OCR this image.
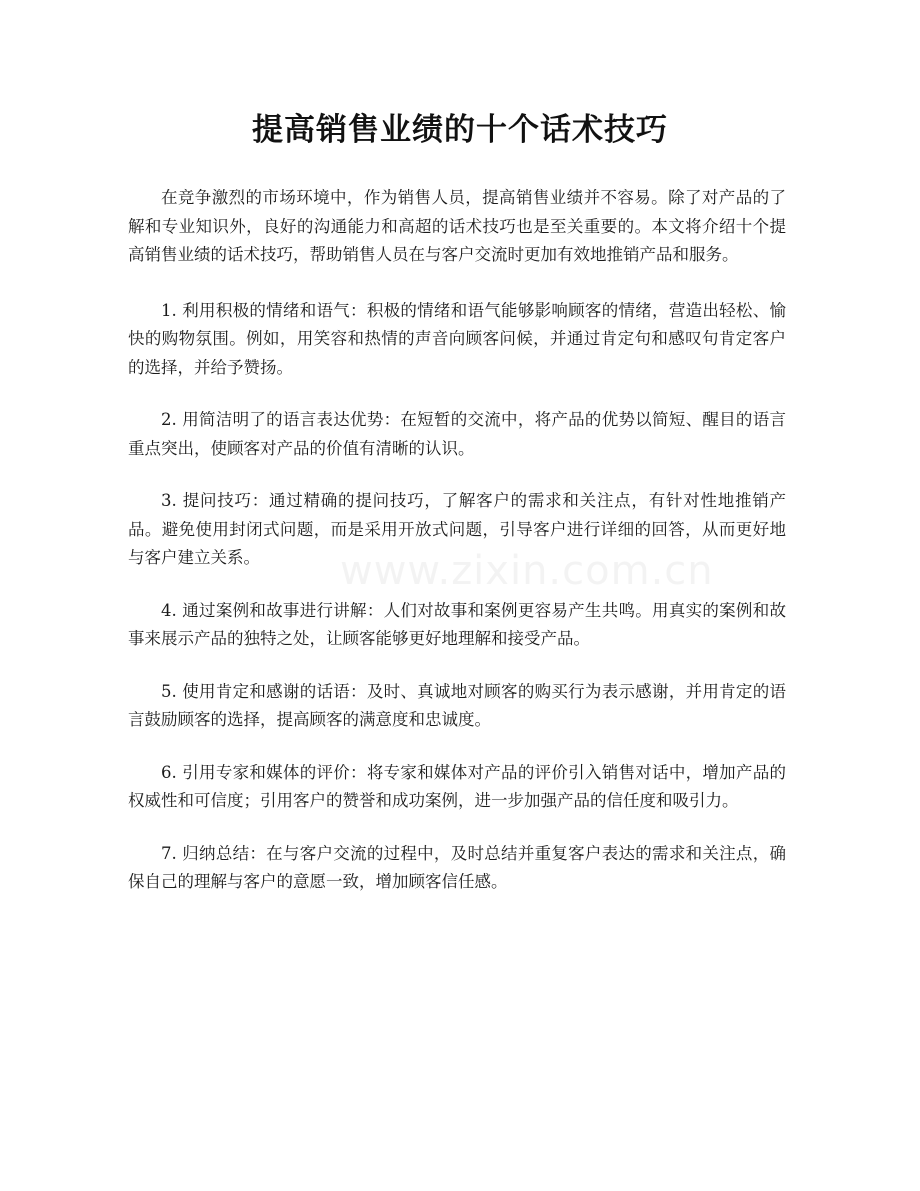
提高销售业绩的十个话术技巧

在竞争激烈的市场环境中，作为销售人员，提高销售业绩并不容易。除了对产品的了解和专业知识外，良好的沟通能力和高超的话术技巧也是至关重要的。本文将介绍十个提高销售业绩的话术技巧，帮助销售人员在与客户交流时更加有效地推销产品和服务。

1. 利用积极的情绪和语气：积极的情绪和语气能够影响顾客的情绪，营造出轻松、愉快的购物氛围。例如，用笑容和热情的声音向顾客问候，并通过肯定句和感叹句肯定客户的选择，并给予赞扬。

2. 用简洁明了的语言表达优势：在短暂的交流中，将产品的优势以简短、醒目的语言重点突出，使顾客对产品的价值有清晰的认识。

3. 提问技巧：通过精确的提问技巧，了解客户的需求和关注点，有针对性地推销产品。避免使用封闭式问题，而是采用开放式问题，引导客户进行详细的回答，从而更好地与客户建立关系。

4. 通过案例和故事进行讲解：人们对故事和案例更容易产生共鸣。用真实的案例和故事来展示产品的独特之处，让顾客能够更好地理解和接受产品。

5. 使用肯定和感谢的话语：及时、真诚地对顾客的购买行为表示感谢，并用肯定的语言鼓励顾客的选择，提高顾客的满意度和忠诚度。

6. 引用专家和媒体的评价：将专家和媒体对产品的评价引入销售对话中，增加产品的权威性和可信度；引用客户的赞誉和成功案例，进一步加强产品的信任度和吸引力。

7. 归纳总结：在与客户交流的过程中，及时总结并重复客户表达的需求和关注点，确保自己的理解与客户的意愿一致，增加顾客信任感。

www.zixin.com.cn
